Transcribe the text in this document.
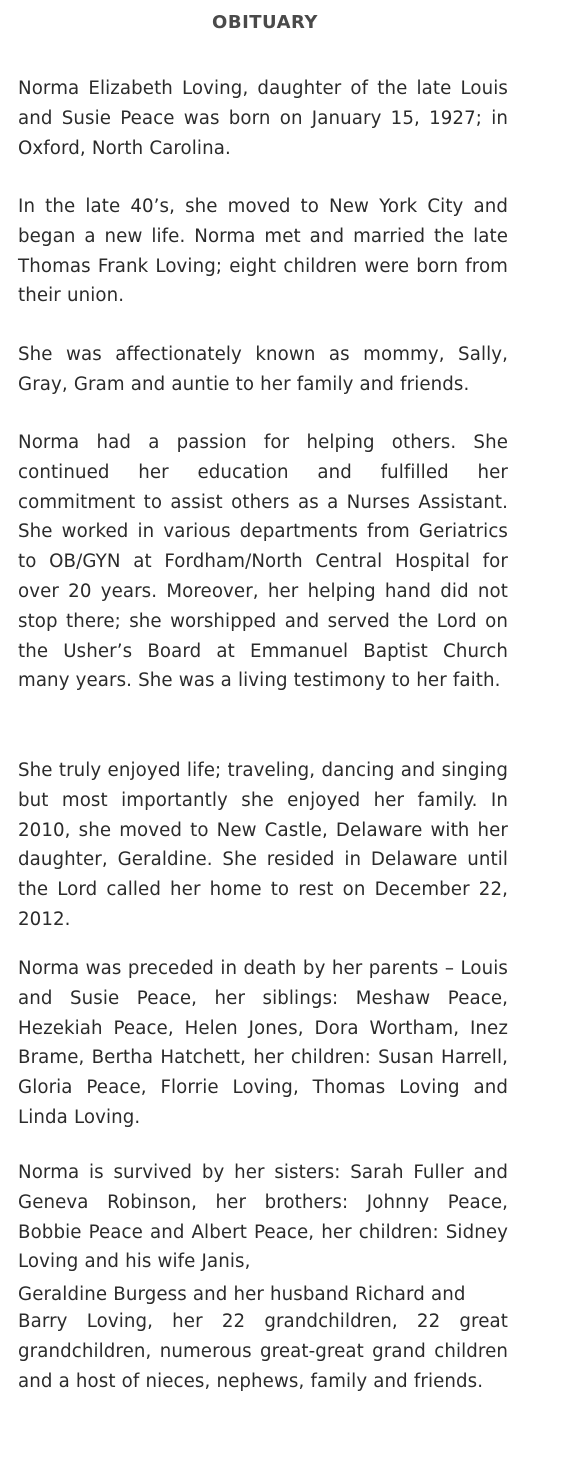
OBITUARY
Norma Elizabeth Loving, daughter of the late Louis and Susie Peace was born on January 15, 1927; in Oxford, North Carolina.
In the late 40’s, she moved to New York City and began a new life. Norma met and married the late Thomas Frank Loving; eight children were born from their union.
She was affectionately known as mommy, Sally, Gray, Gram and auntie to her family and friends.
Norma had a passion for helping others. She continued her education and fulfilled her commitment to assist others as a Nurses Assistant. She worked in various departments from Geriatrics to OB/GYN at Fordham/North Central Hospital for over 20 years. Moreover, her helping hand did not stop there; she worshipped and served the Lord on the Usher’s Board at Emmanuel Baptist Church many years. She was a living testimony to her faith.
She truly enjoyed life; traveling, dancing and singing but most importantly she enjoyed her family. In 2010, she moved to New Castle, Delaware with her daughter, Geraldine. She resided in Delaware until the Lord called her home to rest on December 22, 2012.
Norma was preceded in death by her parents – Louis and Susie Peace, her siblings: Meshaw Peace, Hezekiah Peace, Helen Jones, Dora Wortham, Inez Brame, Bertha Hatchett, her children: Susan Harrell, Gloria Peace, Florrie Loving, Thomas Loving and Linda Loving.
Norma is survived by her sisters: Sarah Fuller and Geneva Robinson, her brothers: Johnny Peace, Bobbie Peace and Albert Peace, her children: Sidney Loving and his wife Janis,
Geraldine Burgess and her husband Richard and
Barry Loving, her 22 grandchildren, 22 great grandchildren, numerous great-great grand children and a host of nieces, nephews, family and friends.
